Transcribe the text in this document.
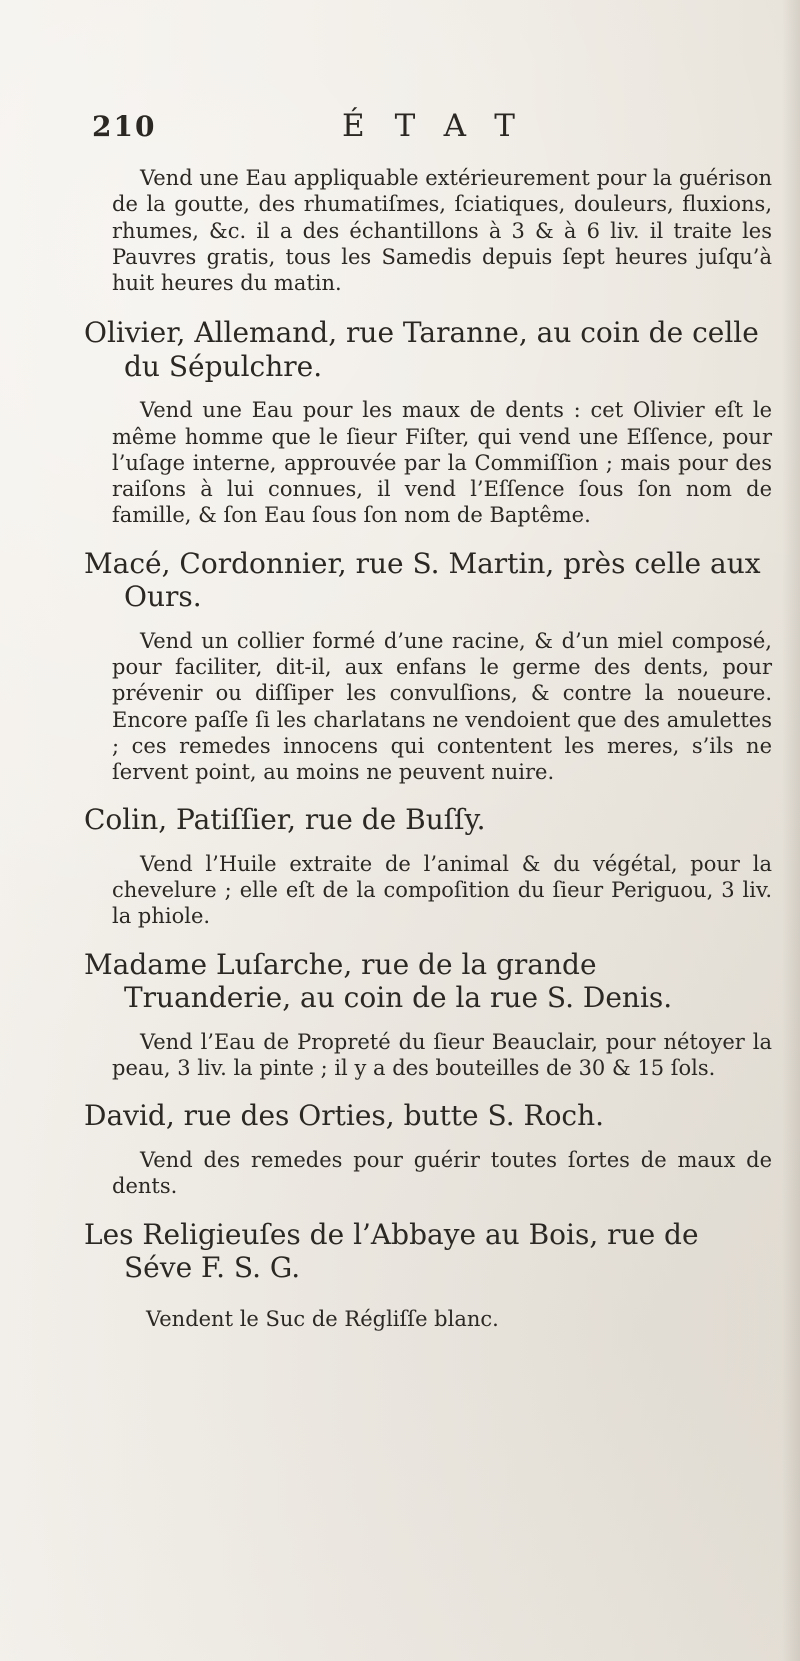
210	ÉTAT

Vend une Eau appliquable extérieurement pour la guérison de la goutte, des rhumatiſmes, ſciatiques, douleurs, fluxions, rhumes, &c. il a des échantillons à 3 & à 6 liv. il traite les Pauvres gratis, tous les Samedis depuis ſept heures juſqu’à huit heures du matin.

Olivier, Allemand, rue Taranne, au coin de celle du Sépulchre.

Vend une Eau pour les maux de dents : cet Olivier eſt le même homme que le ſieur Fiſter, qui vend une Eſſence, pour l’uſage interne, approuvée par la Commiſſion ; mais pour des raiſons à lui connues, il vend l’Eſſence ſous ſon nom de famille, & ſon Eau ſous ſon nom de Baptême.

Macé, Cordonnier, rue S. Martin, près celle aux Ours.

Vend un collier formé d’une racine, & d’un miel composé, pour faciliter, dit-il, aux enfans le germe des dents, pour prévenir ou diſſiper les convulſions, & contre la noueure. Encore paſſe ſi les charlatans ne vendoient que des amulettes ; ces remedes innocens qui contentent les meres, s’ils ne ſervent point, au moins ne peuvent nuire.

Colin, Patiſſier, rue de Buſſy.

Vend l’Huile extraite de l’animal & du végétal, pour la chevelure ; elle eſt de la compoſition du ſieur Periguou, 3 liv. la phiole.

Madame Luſarche, rue de la grande Truanderie, au coin de la rue S. Denis.

Vend l’Eau de Propreté du ſieur Beauclair, pour nétoyer la peau, 3 liv. la pinte ; il y a des bouteilles de 30 & 15 ſols.

David, rue des Orties, butte S. Roch.

Vend des remedes pour guérir toutes ſortes de maux de dents.

Les Religieuſes de l’Abbaye au Bois, rue de Séve F. S. G.

Vendent le Suc de Régliſſe blanc.
